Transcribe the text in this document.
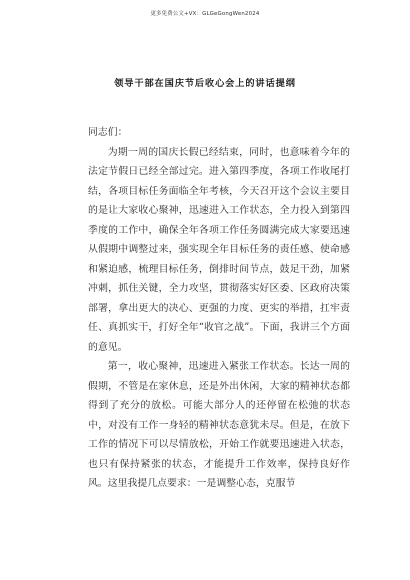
更多免费公文+VX：GLGeGongWen2024
领导干部在国庆节后收心会上的讲话提纲

同志们：

为期一周的国庆长假已经结束，同时，也意味着今年的法定节假日已经全部过完。进入第四季度，各项工作收尾打结，各项目标任务面临全年考核，今天召开这个会议主要目的是让大家收心聚神，迅速进入工作状态，全力投入到第四季度的工作中，确保全年各项工作任务圆满完成大家要迅速从假期中调整过来，强实现全年目标任务的责任感、使命感和紧迫感，梳理目标任务，倒排时间节点，鼓足干劲，加紧冲刺，抓住关键，全力攻坚，贯彻落实好区委、区政府决策部署，拿出更大的决心、更强的力度、更实的举措，扛牢责任、真抓实干，打好全年“收官之战”。下面，我讲三个方面的意见。

第一，收心聚神，迅速进入紧张工作状态。长达一周的假期，不管是在家休息，还是外出休闲，大家的精神状态都得到了充分的放松。可能大部分人的还停留在松弛的状态中，对没有工作一身轻的精神状态意犹未尽。但是，在放下工作的情况下可以尽情放松，开始工作就要迅速进入状态，也只有保持紧张的状态，才能提升工作效率，保持良好作风。这里我提几点要求：一是调整心态，克服节
